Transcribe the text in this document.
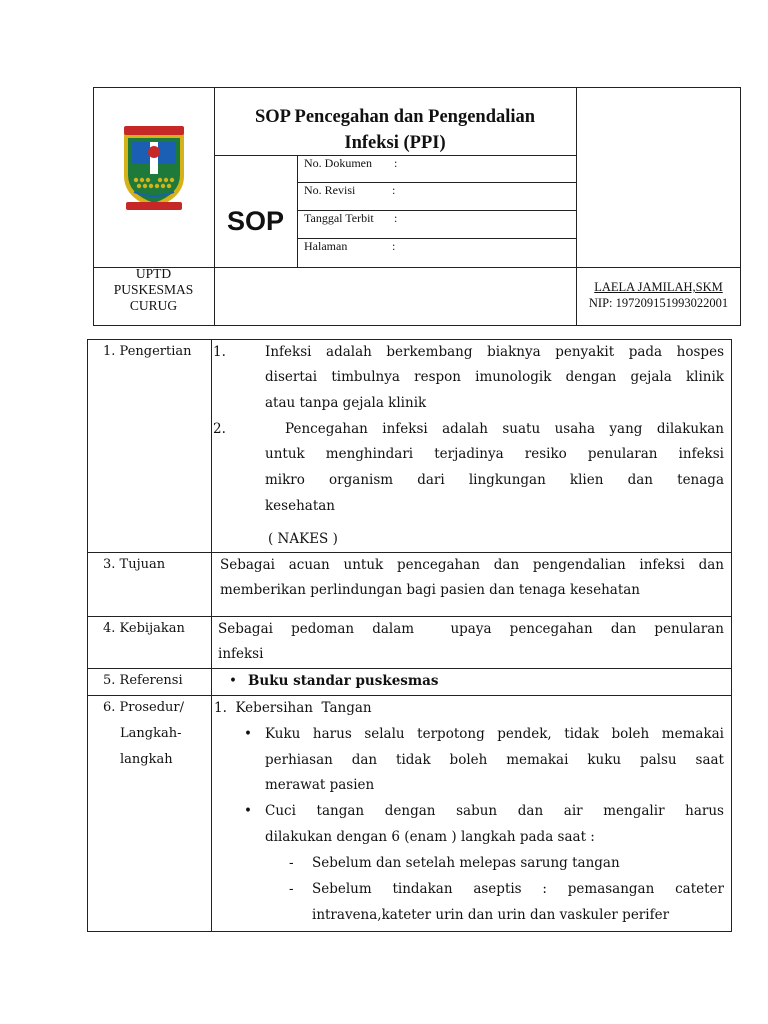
SOP Pencegahan dan Pengendalian
Infeksi (PPI)
SOP
No. Dokumen :
No. Revisi	:
Tanggal Terbit :
Halaman	:
UPTD
PUSKESMAS
CURUG
LAELA JAMILAH,SKM
NIP: 197209151993022001
1. Pengertian 1.	Infeksi adalah berkembang biaknya penyakit pada hospes
disertai timbulnya respon imunologik dengan gejala klinik
atau tanpa gejala klinik
2.	Pencegahan infeksi adalah suatu usaha yang dilakukan
untuk menghindari terjadinya resiko penularan infeksi
mikro organism dari lingkungan klien dan tenaga
kesehatan
( NAKES )
3. Tujuan	Sebagai acuan untuk pencegahan dan pengendalian infeksi dan
memberikan perlindungan bagi pasien dan tenaga kesehatan
4. Kebijakan Sebagai pedoman dalam  upaya pencegahan dan penularan
infeksi
5. Referensi	• Buku standar puskesmas
6. Prosedur/
Langkah-
langkah
1.  Kebersihan  Tangan
• Kuku harus selalu terpotong pendek, tidak boleh memakai
perhiasan dan tidak boleh memakai kuku palsu saat
merawat pasien
• Cuci tangan dengan sabun dan air mengalir harus
dilakukan dengan 6 (enam ) langkah pada saat :
- Sebelum dan setelah melepas sarung tangan
- Sebelum tindakan aseptis : pemasangan cateter
intravena,kateter urin dan urin dan vaskuler perifer
